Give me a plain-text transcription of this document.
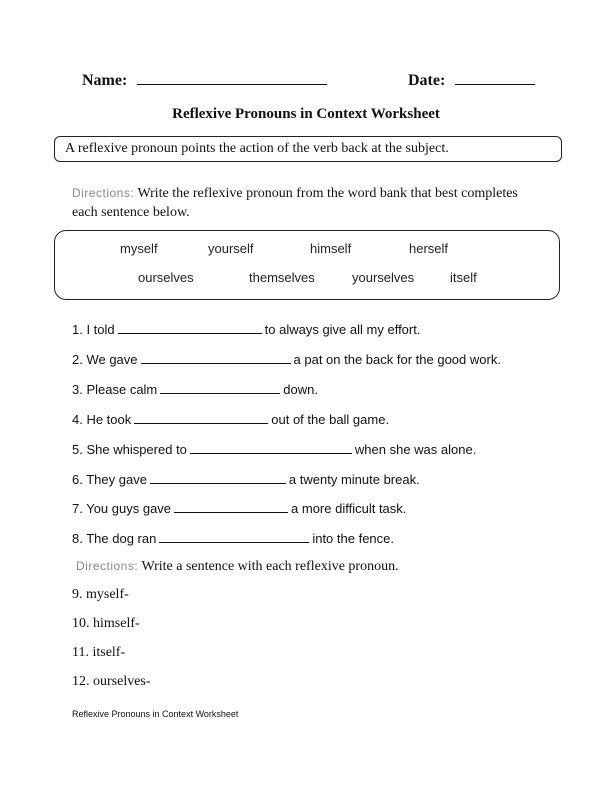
Name:	Date:
Reflexive Pronouns in Context Worksheet
A reflexive pronoun points the action of the verb back at the subject.
Directions: Write the reflexive pronoun from the word bank that best completes each sentence below.
myself	yourself	himself	herself
ourselves	themselves	yourselves	itself
1. I told	to always give all my effort.
2. We gave	a pat on the back for the good work.
3. Please calm	down.
4. He took	out of the ball game.
5. She whispered to	when she was alone.
6. They gave	a twenty minute break.
7. You guys gave	a more difficult task.
8. The dog ran	into the fence.
Directions: Write a sentence with each reflexive pronoun.
9. myself-
10. himself-
11. itself-
12. ourselves-
Reflexive Pronouns in Context Worksheet
